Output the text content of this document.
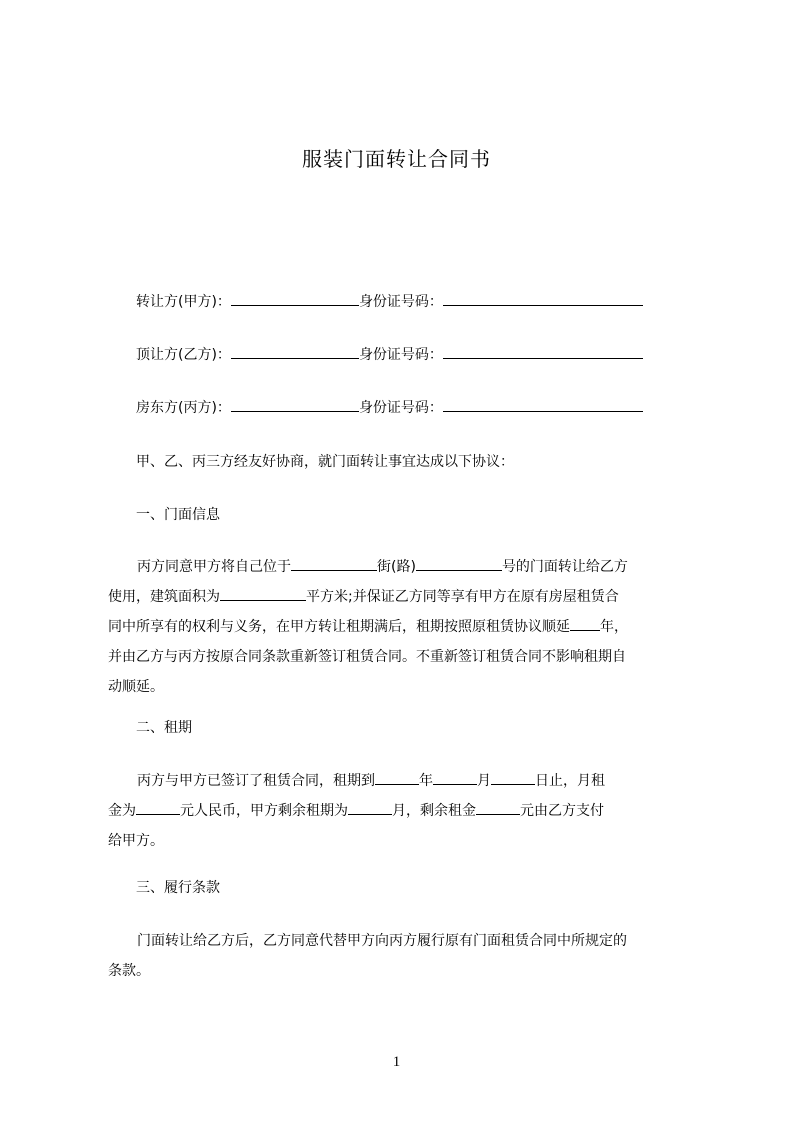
服装门面转让合同书
转让方(甲方)：	身份证号码：
顶让方(乙方)：	身份证号码：
房东方(丙方)：	身份证号码：
甲、乙、丙三方经友好协商，就门面转让事宜达成以下协议：
一、门面信息
丙方同意甲方将自己位于	街(路)	号的门面转让给乙方
使用，建筑面积为	平方米;并保证乙方同等享有甲方在原有房屋租赁合
同中所享有的权利与义务，在甲方转让租期满后，租期按照原租赁协议顺延 年，
并由乙方与丙方按原合同条款重新签订租赁合同。不重新签订租赁合同不影响租期自
动顺延。
二、租期
丙方与甲方已签订了租赁合同，租期到	年	月	日止，月租
金为	元人民币，甲方剩余租期为	月，剩余租金	元由乙方支付
给甲方。
三、履行条款
门面转让给乙方后，乙方同意代替甲方向丙方履行原有门面租赁合同中所规定的
条款。
1
